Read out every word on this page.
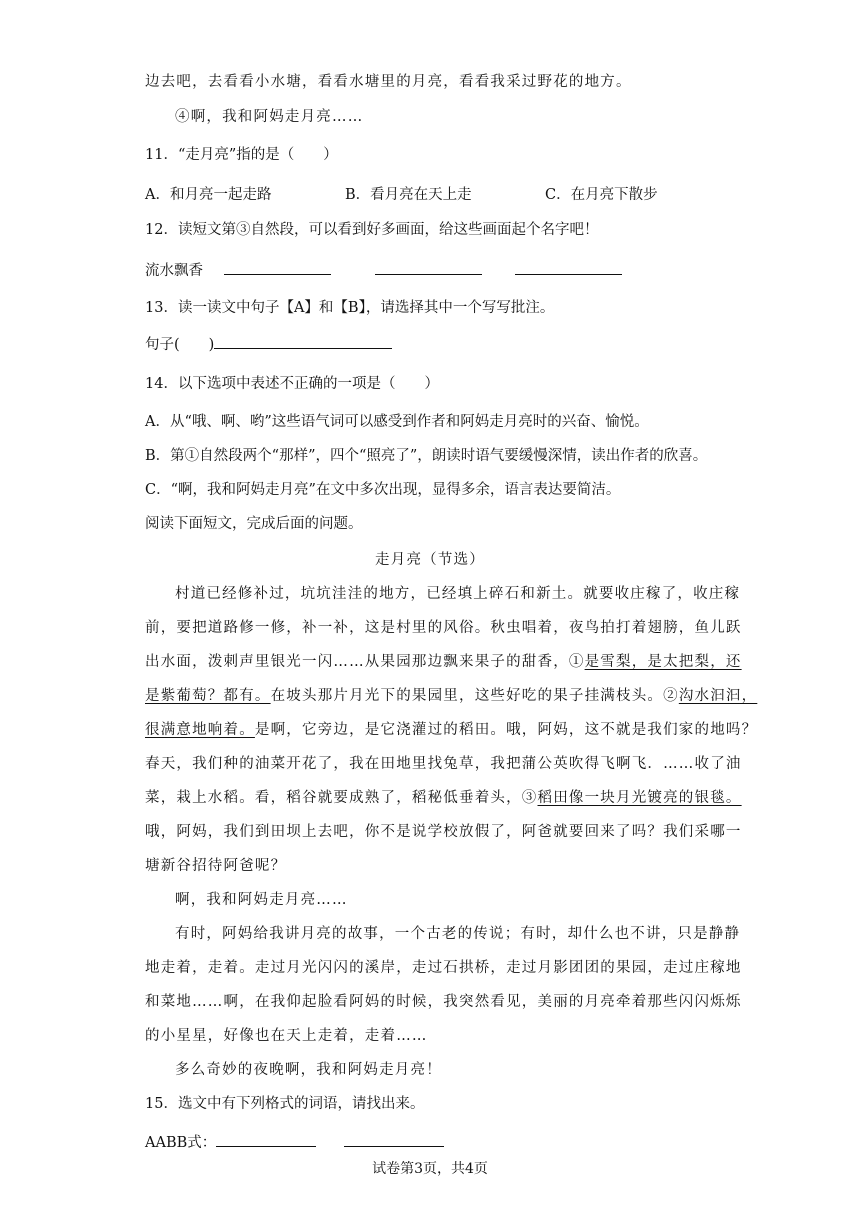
边去吧，去看看小水塘，看看水塘里的月亮，看看我采过野花的地方。
④啊，我和阿妈走月亮……
11．“走月亮”指的是（　　）
A．和月亮一起走路	B．看月亮在天上走	C．在月亮下散步
12．读短文第③自然段，可以看到好多画面，给这些画面起个名字吧！
流水飘香
13．读一读文中句子【A】和【B】，请选择其中一个写写批注。
句子(　　)
14．以下选项中表述不正确的一项是（　　）
A．从“哦、啊、哟”这些语气词可以感受到作者和阿妈走月亮时的兴奋、愉悦。
B．第①自然段两个“那样”，四个“照亮了”，朗读时语气要缓慢深情，读出作者的欣喜。
C．“啊，我和阿妈走月亮”在文中多次出现，显得多余，语言表达要简洁。
阅读下面短文，完成后面的问题。
走月亮（节选）
村道已经修补过，坑坑洼洼的地方，已经填上碎石和新土。就要收庄稼了，收庄稼
前，要把道路修一修，补一补，这是村里的风俗。秋虫唱着，夜鸟拍打着翅膀，鱼儿跃
出水面，泼刺声里银光一闪……从果园那边飘来果子的甜香，①是雪梨，是太把梨，还
是紫葡萄？都有。在坡头那片月光下的果园里，这些好吃的果子挂满枝头。②沟水汩汩，
很满意地响着。是啊，它旁边，是它浇灌过的稻田。哦，阿妈，这不就是我们家的地吗？
春天，我们种的油菜开花了，我在田地里找兔草，我把蒲公英吹得飞啊飞．……收了油
菜，栽上水稻。看，稻谷就要成熟了，稻秘低垂着头，③稻田像一块月光镀亮的银毯。
哦，阿妈，我们到田坝上去吧，你不是说学校放假了，阿爸就要回来了吗？我们采哪一
塘新谷招待阿爸呢？
啊，我和阿妈走月亮……
有时，阿妈给我讲月亮的故事，一个古老的传说；有时，却什么也不讲，只是静静
地走着，走着。走过月光闪闪的溪岸，走过石拱桥，走过月影团团的果园，走过庄稼地
和菜地……啊，在我仰起脸看阿妈的时候，我突然看见，美丽的月亮牵着那些闪闪烁烁
的小星星，好像也在天上走着，走着……
多么奇妙的夜晚啊，我和阿妈走月亮！
15．选文中有下列格式的词语，请找出来。
AABB式：
试卷第3页，共4页
